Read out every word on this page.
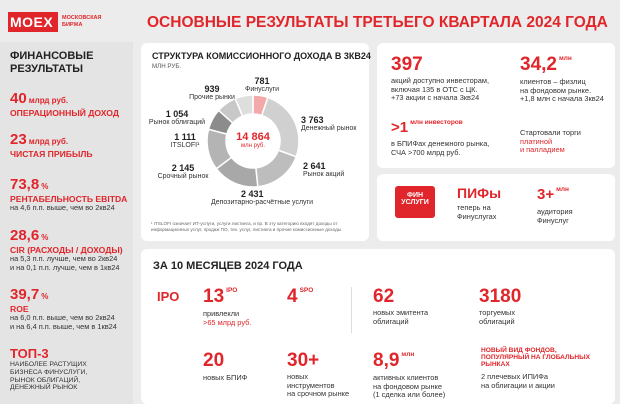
MOEX МОСКОВСКАЯ
БИРЖА	ОСНОВНЫЕ РЕЗУЛЬТАТЫ ТРЕТЬЕГО КВАРТАЛА 2024 ГОДА
ФИНАНСОВЫЕ
РЕЗУЛЬТАТЫ
40 млрд руб.
ОПЕРАЦИОННЫЙ ДОХОД
23 млрд руб.
ЧИСТАЯ ПРИБЫЛЬ
73,8 %
РЕНТАБЕЛЬНОСТЬ EBITDA
на 4,6 п.п. выше, чем во 2кв24
28,6 %
CIR (РАСХОДЫ / ДОХОДЫ)
на 5,3 п.п. лучше, чем во 2кв24
и на 0,1 п.п. лучше, чем в 1кв24
39,7 %
ROE
на 6,0 п.п. выше, чем во 2кв24
и на 6,4 п.п. выше, чем в 1кв24
ТОП-3
НАИБОЛЕЕ РАСТУЩИХ
БИЗНЕСА ФИНУСЛУГИ,
РЫНОК ОБЛИГАЦИЙ,
ДЕНЕЖНЫЙ РЫНОК
СТРУКТУРА КОМИССИОННОГО ДОХОДА В 3КВ24
МЛН РУБ.
14 864
млн руб.
781
Финуслуги
939
Прочие рынки
3 763
Денежный рынок
1 054
Рынок облигаций
1 111
ITSLOFI¹
2 145
Срочный рынок
2 641
Рынок акций
2 431
Депозитарно-расчётные услуги
¹ ITSLOFI означает ИТ-услуги, услуги листинга, и пр. В эту категорию входят доходы от информационных услуг, продаж ПО, тех. услуг, листинга и прочие комиссионные доходы
397
акций доступно инвесторам,
включая 135 в ОТС с ЦК.
+73 акции с начала 3кв24
34,2 $^{млн}$
клиентов – физлиц
на фондовом рынке.
+1,8 млн с начала 3кв24
>1 $^{млн инвесторов}$
в БПИФах денежного рынка,
СЧА >700 млрд руб.
Стартовали торги
платиной
и палладием
ФИН
УСЛУГИ
ПИФы
теперь на
Финуслугах
3+ $^{млн}$
аудитория
Финуслуг
ЗА 10 МЕСЯЦЕВ 2024 ГОДА
IPO 13 $^{IPO}$
привлекли
>65 млрд руб.
4 $^{SPO}$	62
новых эмитента
облигаций
3180
торгуемых
облигаций
20
новых БПИФ
30+
новых
инструментов
на срочном рынке
8,9 $^{млн}$
активных клиентов
на фондовом рынке
(1 сделка или более)
НОВЫЙ ВИД ФОНДОВ,
ПОПУЛЯРНЫЙ НА ГЛОБАЛЬНЫХ
РЫНКАХ
2 плечевых ИПИФа
на облигации и акции
